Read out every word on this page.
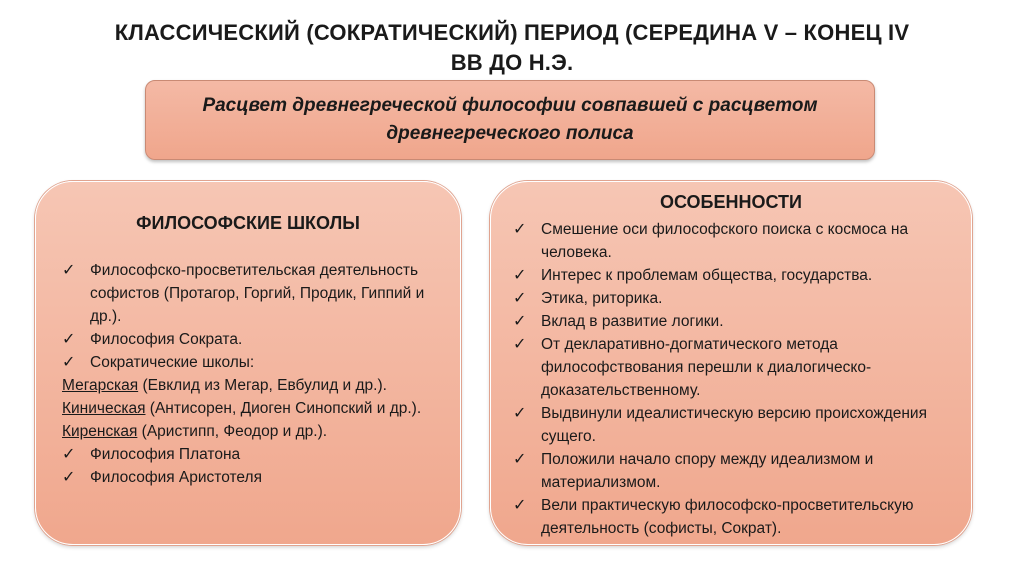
КЛАССИЧЕСКИЙ (СОКРАТИЧЕСКИЙ) ПЕРИОД (СЕРЕДИНА V – КОНЕЦ IV
ВВ ДО Н.Э.
Расцвет древнегреческой философии совпавшей с расцветом
древнегреческого полиса
ФИЛОСОФСКИЕ ШКОЛЫ
✓ Философско-просветительская деятельность софистов (Протагор, Горгий, Продик, Гиппий и др.).
✓ Философия Сократа.
✓ Сократические школы:
Мегарская (Евклид из Мегар, Евбулид и др.).
Киническая (Антисорен, Диоген Синопский и др.).
Киренская (Аристипп, Феодор и др.).
✓ Философия Платона
✓ Философия Аристотеля
ОСОБЕННОСТИ
✓ Смешение оси философского поиска с космоса на человека.
✓ Интерес к проблемам общества, государства.
✓ Этика, риторика.
✓ Вклад в развитие логики.
✓ От декларативно-догматического метода философствования перешли к диалогическо-доказательственному.
✓ Выдвинули идеалистическую версию происхождения сущего.
✓ Положили начало спору между идеализмом и материализмом.
✓ Вели практическую философско-просветительскую деятельность (софисты, Сократ).
